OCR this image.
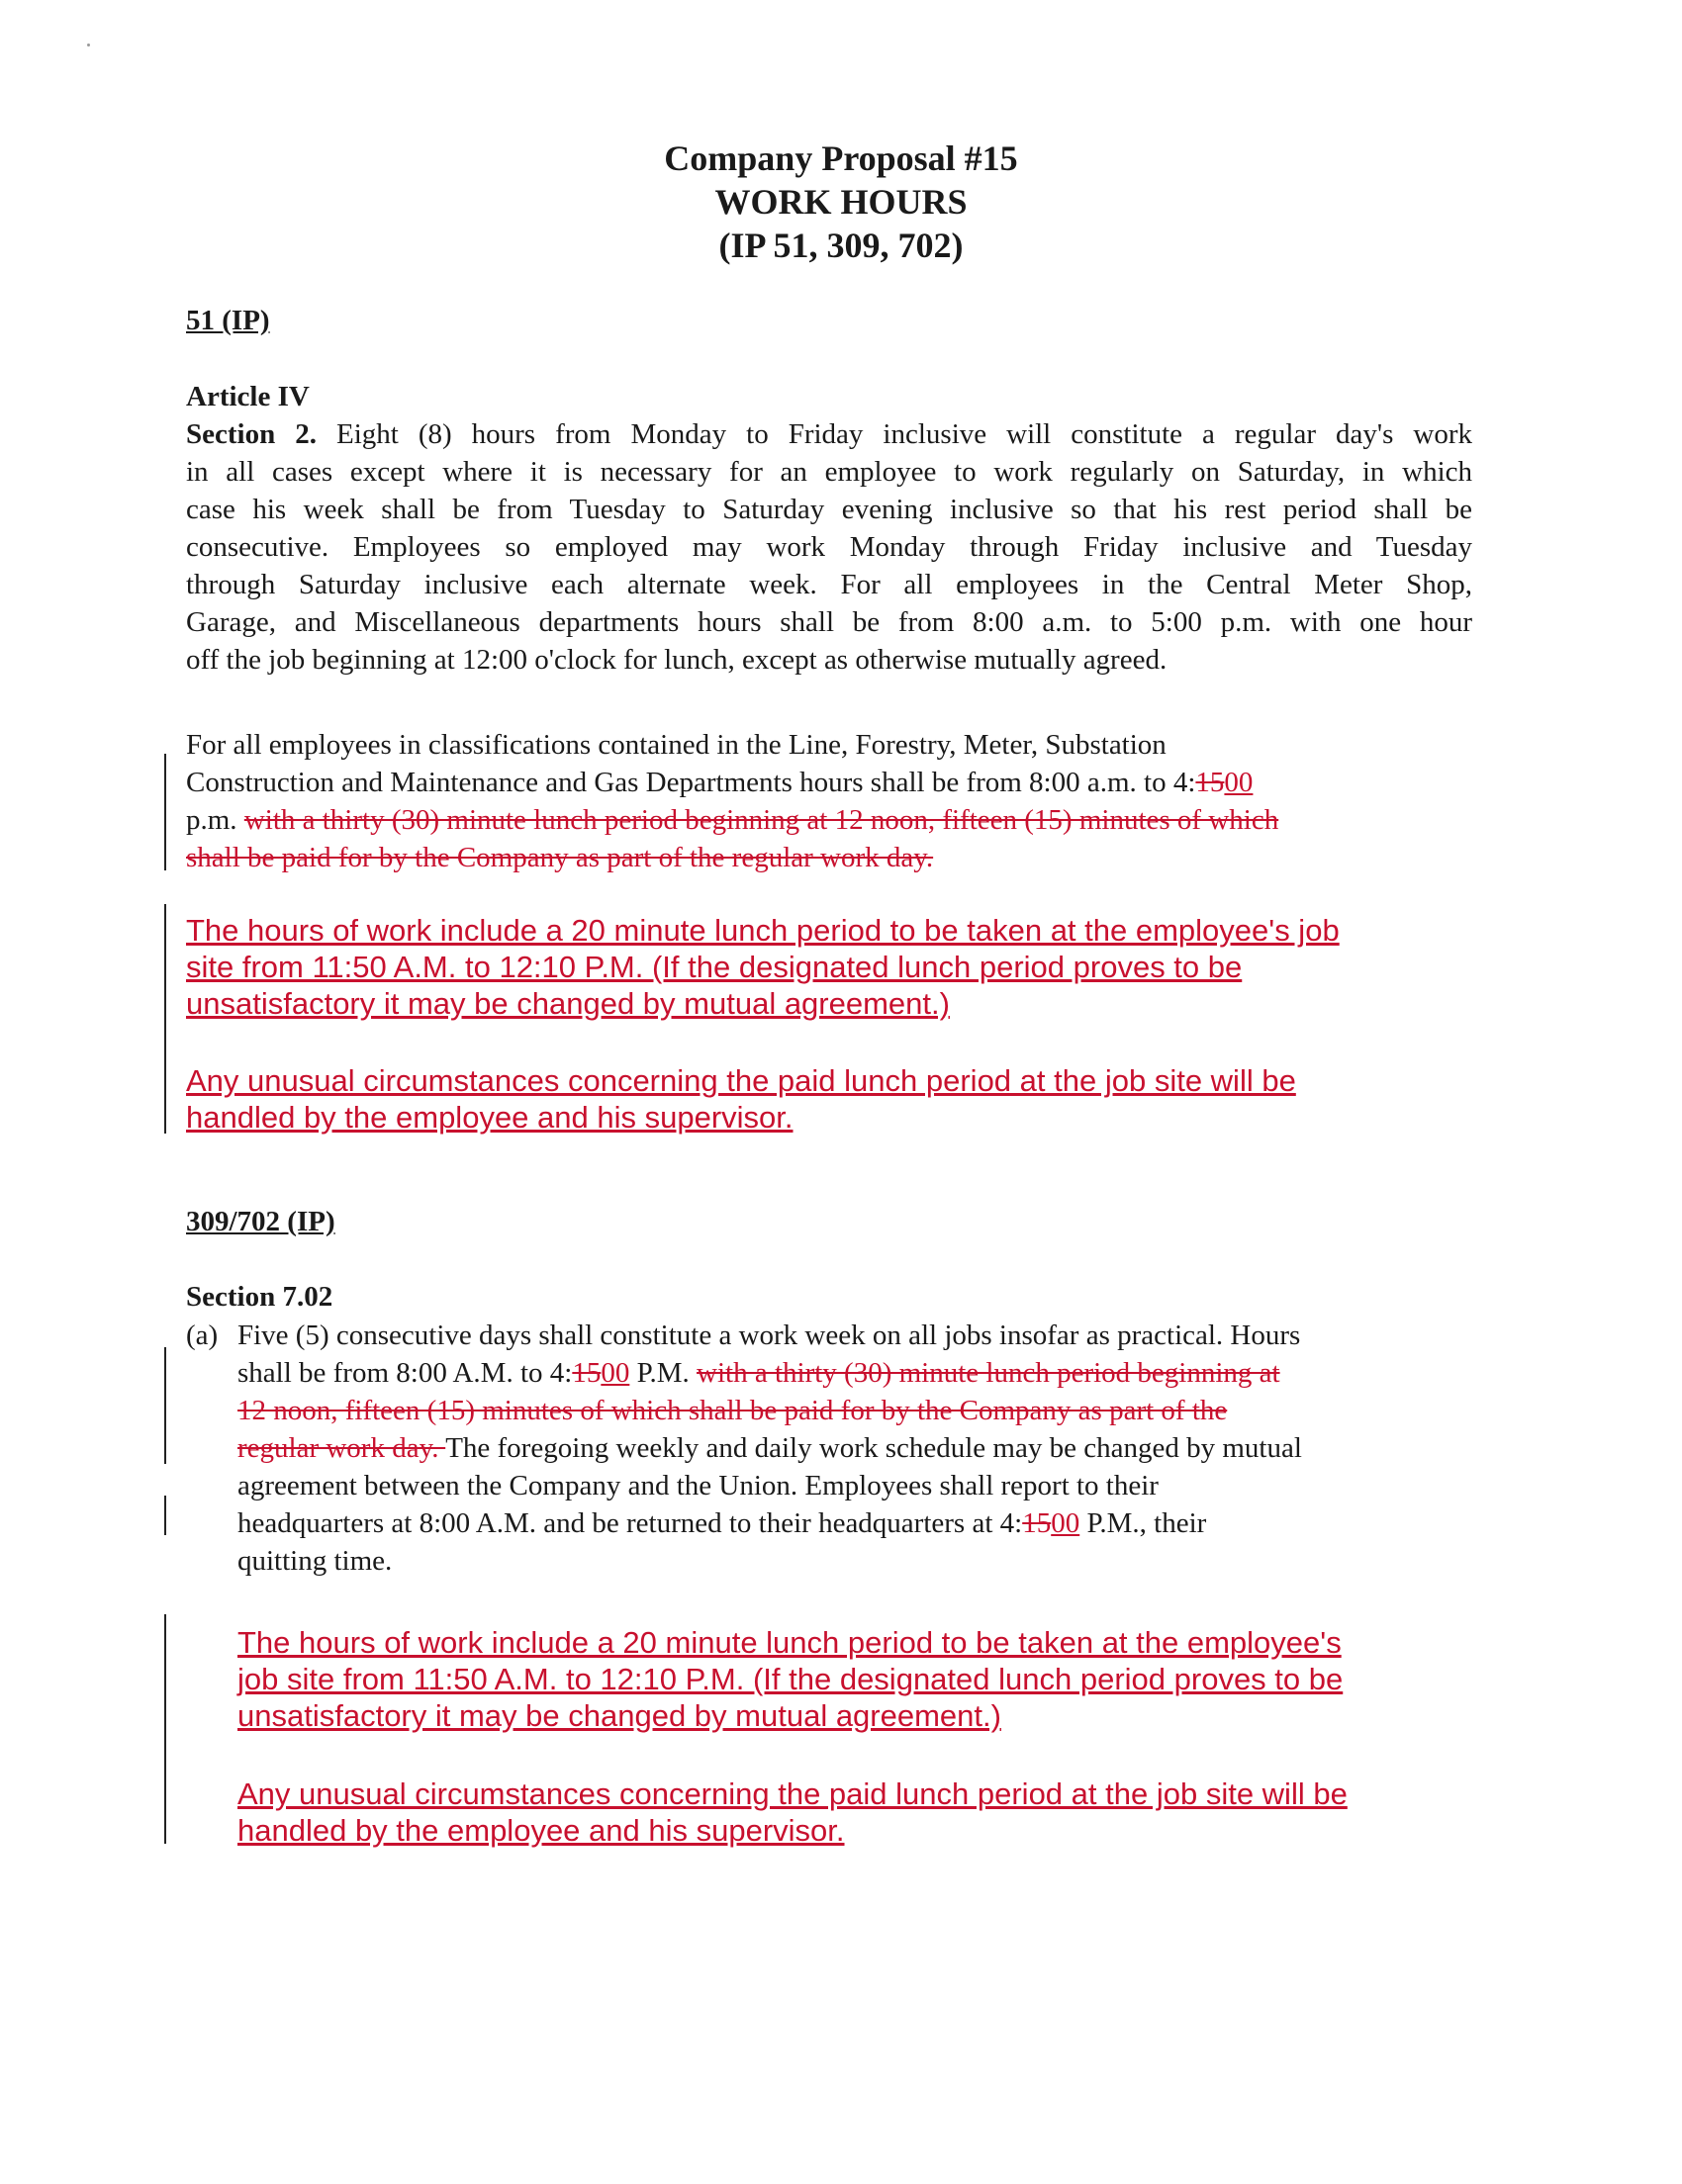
Company Proposal #15
WORK HOURS
(IP 51, 309, 702)
51 (IP)
Article IV
Section 2. Eight (8) hours from Monday to Friday inclusive will constitute a regular day's work
in all cases except where it is necessary for an employee to work regularly on Saturday, in which
case his week shall be from Tuesday to Saturday evening inclusive so that his rest period shall be
consecutive. Employees so employed may work Monday through Friday inclusive and Tuesday
through Saturday inclusive each alternate week. For all employees in the Central Meter Shop,
Garage, and Miscellaneous departments hours shall be from 8:00 a.m. to 5:00 p.m. with one hour
off the job beginning at 12:00 o'clock for lunch, except as otherwise mutually agreed.
For all employees in classifications contained in the Line, Forestry, Meter, Substation
Construction and Maintenance and Gas Departments hours shall be from 8:00 a.m. to 4:1500
p.m. with a thirty (30) minute lunch period beginning at 12 noon, fifteen (15) minutes of which
shall be paid for by the Company as part of the regular work day.
The hours of work include a 20 minute lunch period to be taken at the employee's job
site from 11:50 A.M. to 12:10 P.M. (If the designated lunch period proves to be
unsatisfactory it may be changed by mutual agreement.)
Any unusual circumstances concerning the paid lunch period at the job site will be
handled by the employee and his supervisor.
309/702 (IP)
Section 7.02
(a) Five (5) consecutive days shall constitute a work week on all jobs insofar as practical. Hours
shall be from 8:00 A.M. to 4:1500 P.M. with a thirty (30) minute lunch period beginning at
12 noon, fifteen (15) minutes of which shall be paid for by the Company as part of the
regular work day. The foregoing weekly and daily work schedule may be changed by mutual
agreement between the Company and the Union. Employees shall report to their
headquarters at 8:00 A.M. and be returned to their headquarters at 4:1500 P.M., their
quitting time.
The hours of work include a 20 minute lunch period to be taken at the employee's
job site from 11:50 A.M. to 12:10 P.M. (If the designated lunch period proves to be
unsatisfactory it may be changed by mutual agreement.)
Any unusual circumstances concerning the paid lunch period at the job site will be
handled by the employee and his supervisor.
